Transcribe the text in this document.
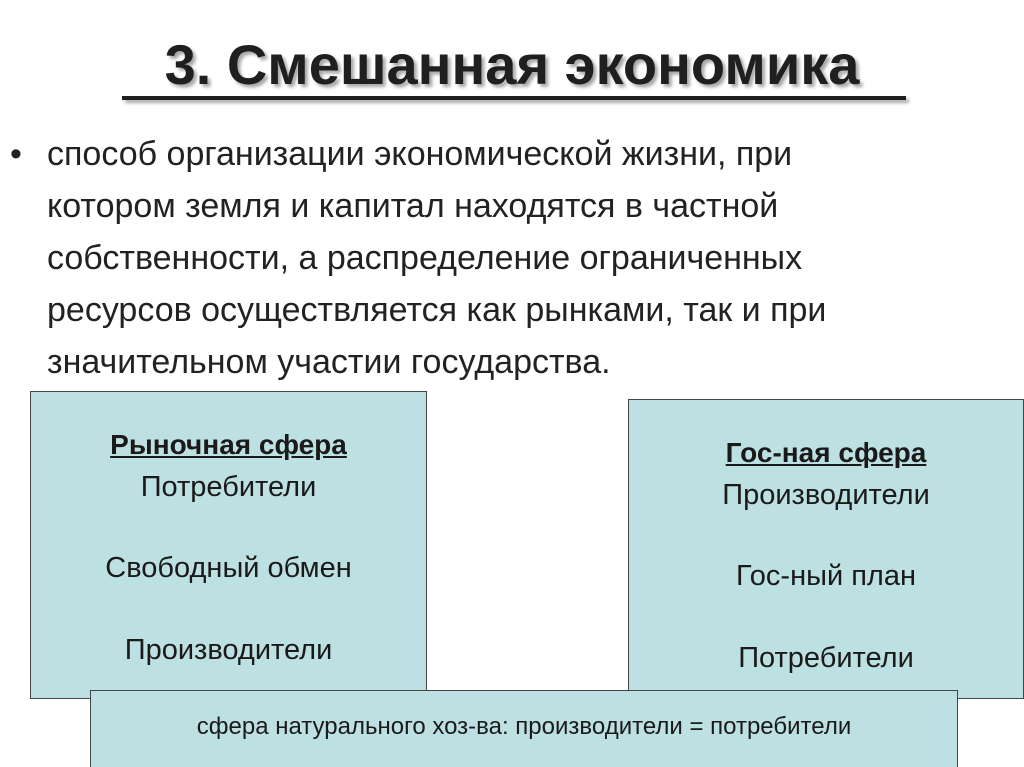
3. Смешанная экономика
• способ организации экономической жизни, при
котором земля и капитал находятся в частной
собственности, а распределение ограниченных
ресурсов осуществляется как рынками, так и при
значительном участии государства.
Рыночная сфера
Потребители
Свободный обмен
Производители
Гос-ная сфера
Производители
Гос-ный план
Потребители
сфера натурального хоз-ва: производители = потребители
